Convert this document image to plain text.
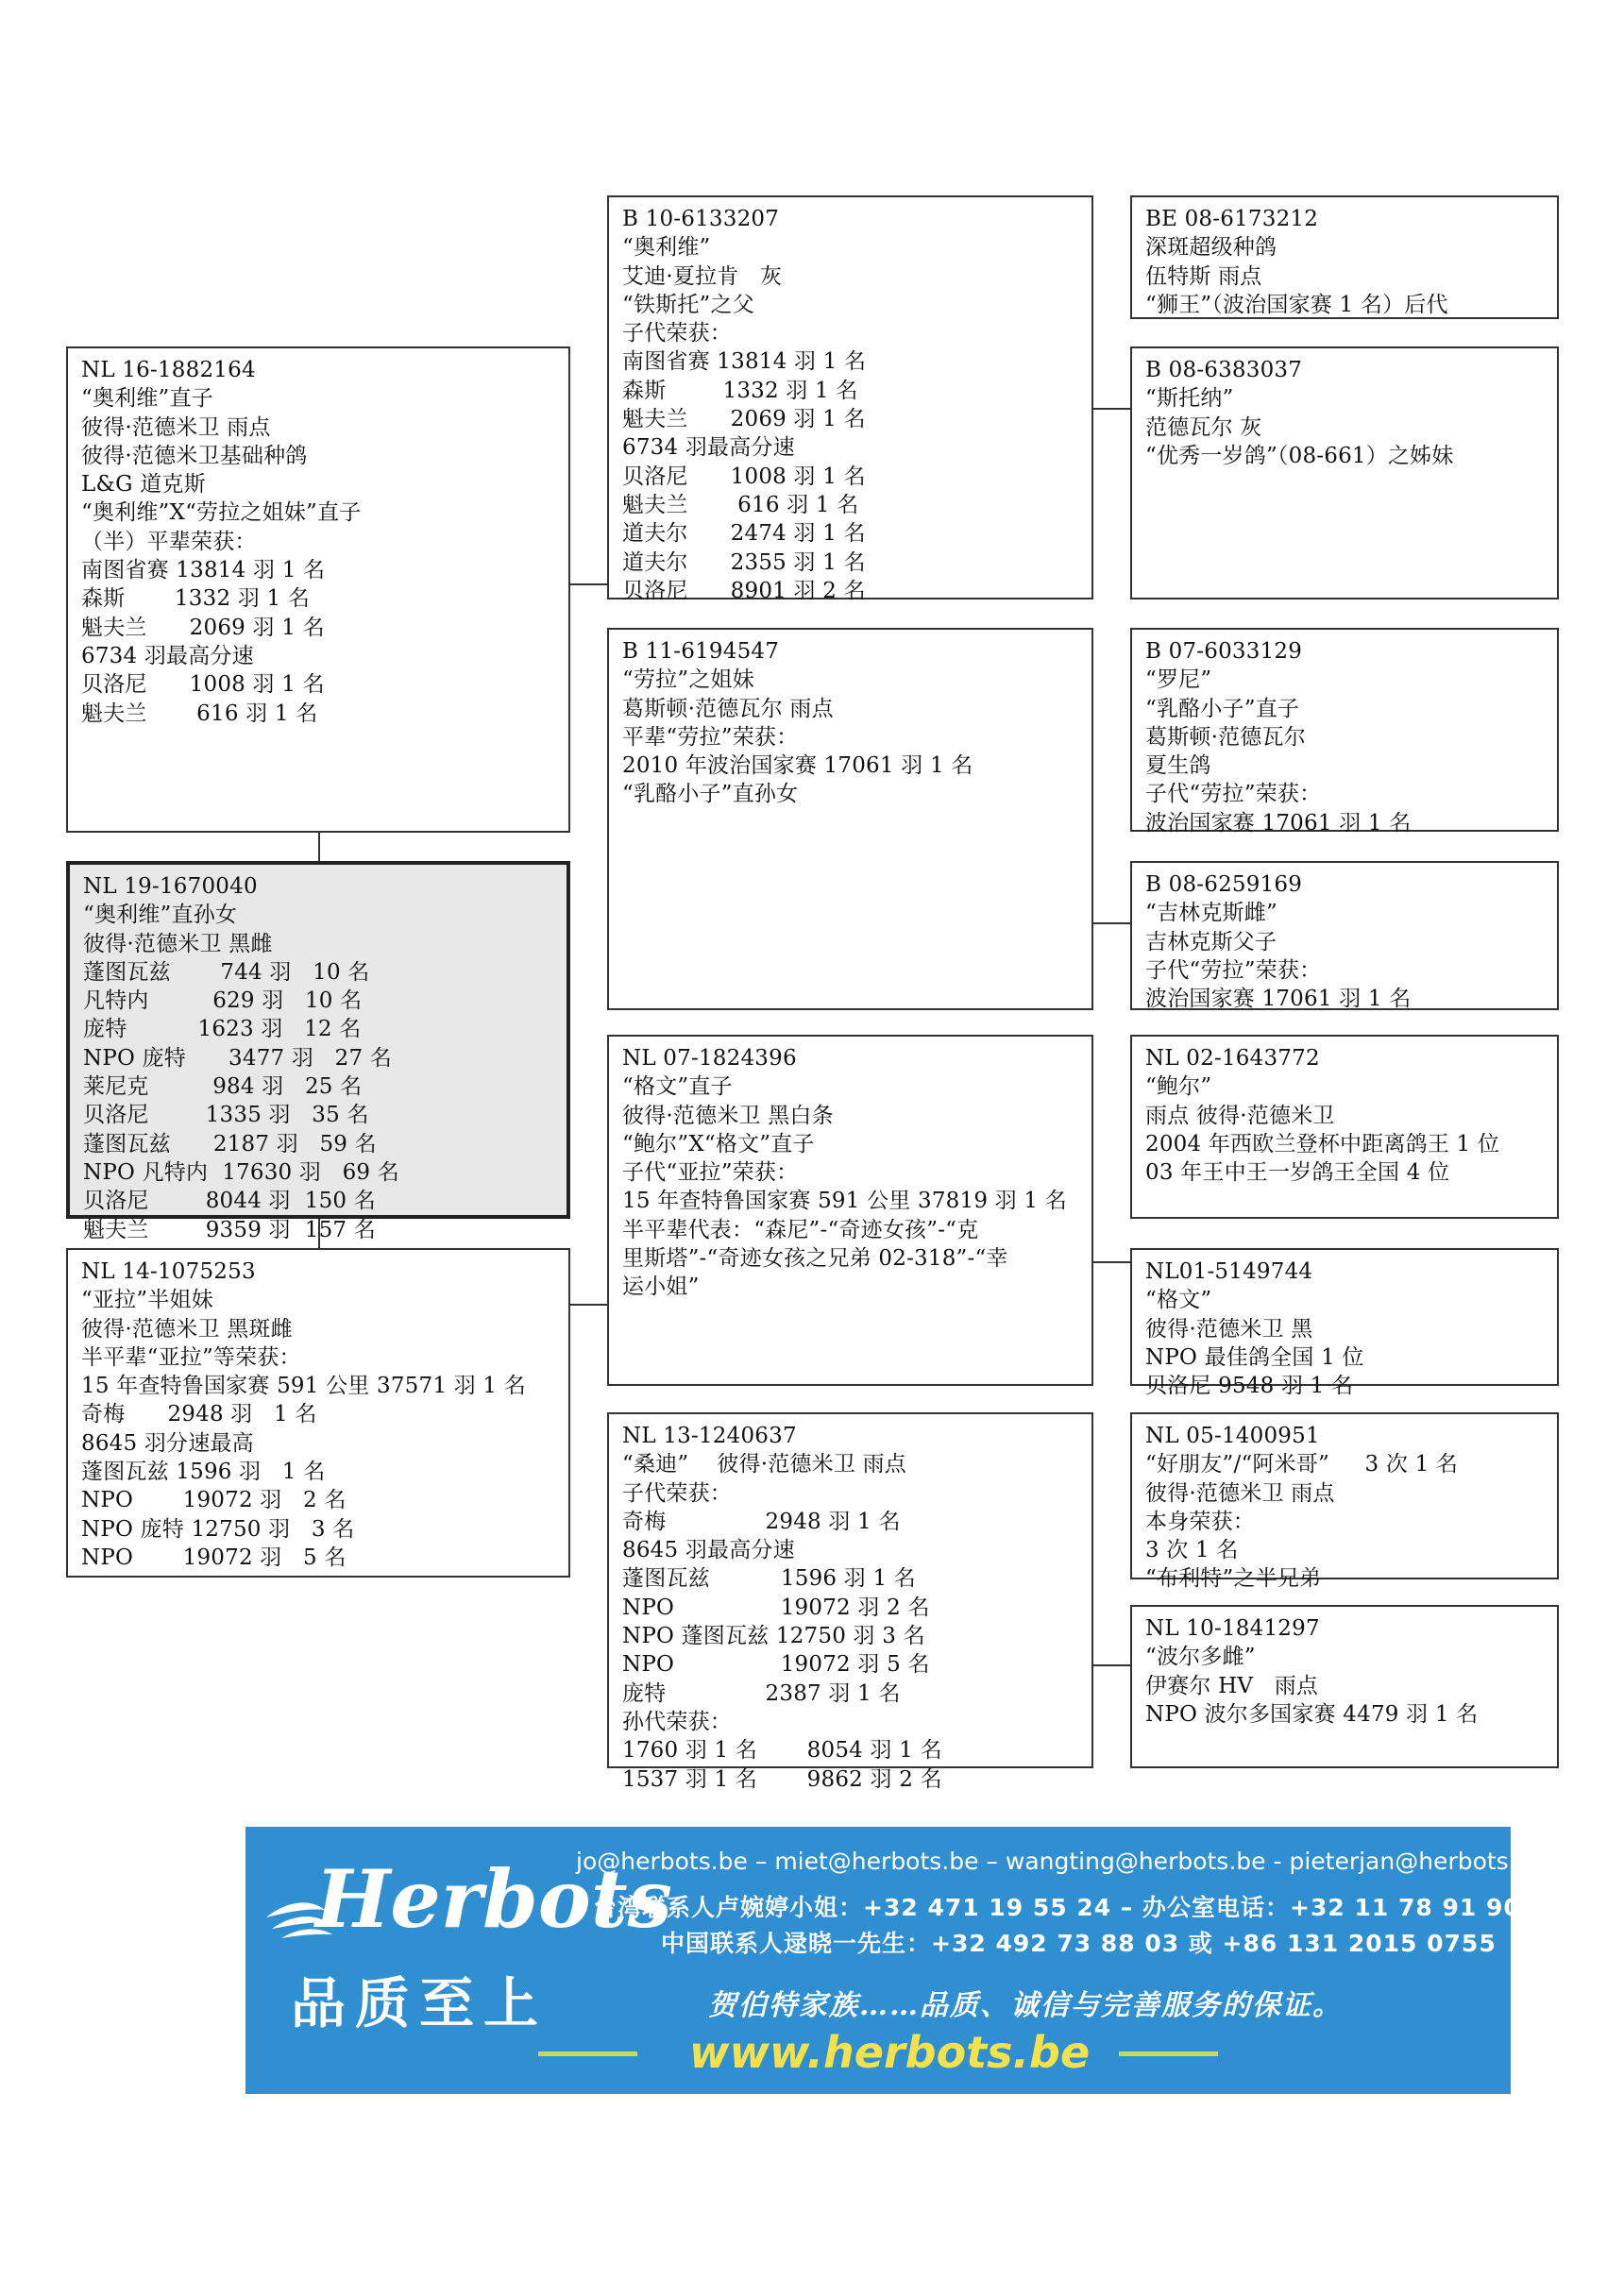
NL 16-1882164
“奥利维”直子
彼得·范德米卫 雨点
彼得·范德米卫基础种鸽
L&G 道克斯
“奥利维”X“劳拉之姐妹”直子
（半）平辈荣获：
南图省赛 13814 羽 1 名
森斯       1332 羽 1 名
魁夫兰      2069 羽 1 名
6734 羽最高分速
贝洛尼      1008 羽 1 名
魁夫兰       616 羽 1 名
NL 19-1670040
“奥利维”直孙女
彼得·范德米卫 黑雌
蓬图瓦兹       744 羽   10 名
凡特内         629 羽   10 名
庞特          1623 羽   12 名
NPO 庞特      3477 羽   27 名
莱尼克         984 羽   25 名
贝洛尼        1335 羽   35 名
蓬图瓦兹      2187 羽   59 名
NPO 凡特内  17630 羽   69 名
贝洛尼        8044 羽  150 名
魁夫兰        9359 羽  157 名
NL 14-1075253
“亚拉”半姐妹
彼得·范德米卫 黑斑雌
半平辈“亚拉”等荣获：
15 年查特鲁国家赛 591 公里 37571 羽 1 名
奇梅      2948 羽   1 名
8645 羽分速最高
蓬图瓦兹 1596 羽   1 名
NPO       19072 羽   2 名
NPO 庞特 12750 羽   3 名
NPO       19072 羽   5 名
B 10-6133207
“奥利维”
艾迪·夏拉肯   灰
“铁斯托”之父
子代荣获：
南图省赛 13814 羽 1 名
森斯        1332 羽 1 名
魁夫兰      2069 羽 1 名
6734 羽最高分速
贝洛尼      1008 羽 1 名
魁夫兰       616 羽 1 名
道夫尔      2474 羽 1 名
道夫尔      2355 羽 1 名
贝洛尼      8901 羽 2 名
B 11-6194547
“劳拉”之姐妹
葛斯顿·范德瓦尔 雨点
平辈“劳拉”荣获：
2010 年波治国家赛 17061 羽 1 名
“乳酪小子”直孙女
NL 07-1824396
“格文”直子
彼得·范德米卫 黑白条
“鲍尔”X“格文”直子
子代“亚拉”荣获：
15 年查特鲁国家赛 591 公里 37819 羽 1 名
半平辈代表：“森尼”-“奇迹女孩”-“克
里斯塔”-“奇迹女孩之兄弟 02-318”-“幸
运小姐”
NL 13-1240637
“桑迪”    彼得·范德米卫 雨点
子代荣获：
奇梅              2948 羽 1 名
8645 羽最高分速
蓬图瓦兹          1596 羽 1 名
NPO               19072 羽 2 名
NPO 蓬图瓦兹 12750 羽 3 名
NPO               19072 羽 5 名
庞特              2387 羽 1 名
孙代荣获：
1760 羽 1 名       8054 羽 1 名
1537 羽 1 名       9862 羽 2 名
BE 08-6173212
深斑超级种鸽
伍特斯 雨点
“狮王”（波治国家赛 1 名）后代
B 08-6383037
“斯托纳”
范德瓦尔 灰
“优秀一岁鸽”（08-661）之姊妹
B 07-6033129
“罗尼”
“乳酪小子”直子
葛斯顿·范德瓦尔
夏生鸽
子代“劳拉”荣获：
波治国家赛 17061 羽 1 名
B 08-6259169
“吉林克斯雌”
吉林克斯父子
子代“劳拉”荣获：
波治国家赛 17061 羽 1 名
NL 02-1643772
“鲍尔”
雨点 彼得·范德米卫
2004 年西欧兰登杯中距离鸽王 1 位
03 年王中王一岁鸽王全国 4 位
NL01-5149744
“格文”
彼得·范德米卫 黑
NPO 最佳鸽全国 1 位
贝洛尼 9548 羽 1 名
NL 05-1400951
“好朋友”/“阿米哥”     3 次 1 名
彼得·范德米卫 雨点
本身荣获：
3 次 1 名
“布利特”之半兄弟
NL 10-1841297
“波尔多雌”
伊赛尔 HV   雨点
NPO 波尔多国家赛 4479 羽 1 名
Herbots
品质至上
jo@herbots.be – miet@herbots.be – wangting@herbots.be - pieterjan@herbots.be
台湾联系人卢婉婷小姐：+32 471 19 55 24 – 办公室电话：+32 11 78 91 90
中国联系人逯晓一先生：+32 492 73 88 03 或 +86 131 2015 0755
贺伯特家族……品质、诚信与完善服务的保证。
www.herbots.be
